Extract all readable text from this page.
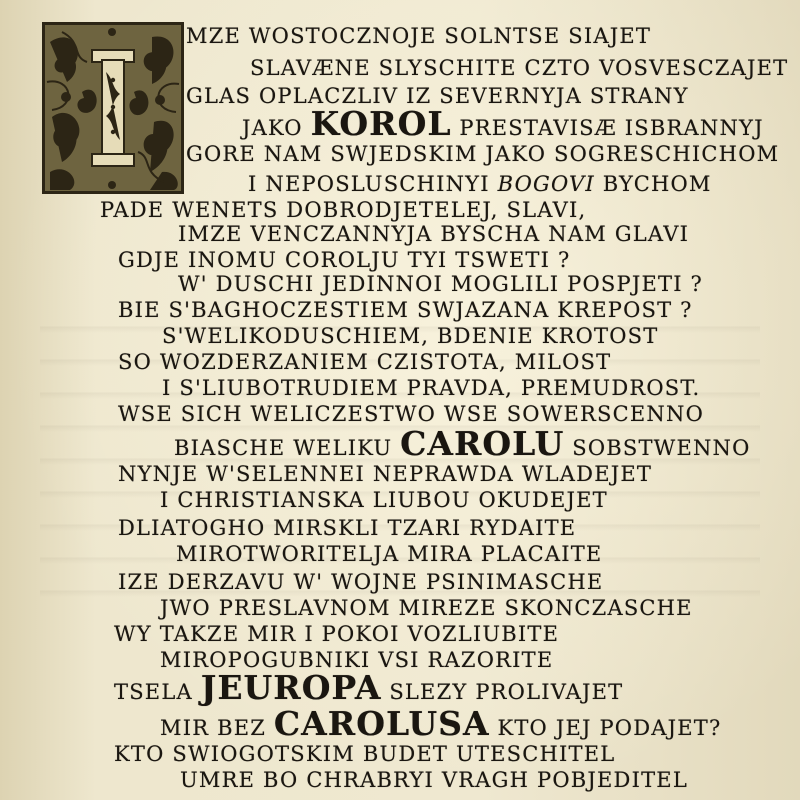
MZE WOSTOCZNOJE SOLNTSE SIAJET
SLAVÆNE SLYSCHITE CZTO VOSVESCZAJET
GLAS OPLACZLIV IZ SEVERNYJA STRANY
JAKO KOROL PRESTAVISÆ ISBRANNYJ
GORE NAM SWJEDSKIM JAKO SOGRESCHICHOM
I NEPOSLUSCHINYI BOGOVI BYCHOM
PADE WENETS DOBRODJETELEJ, SLAVI,
IMZE VENCZANNYJA BYSCHA NAM GLAVI
GDJE INOMU COROLJU TYI TSWETI ?
W' DUSCHI JEDINNOI MOGLILI POSPJETI ?
BIE S'BAGHOCZESTIEM SWJAZANA KREPOST ?
S'WELIKODUSCHIEM, BDENIE KROTOST
SO WOZDERZANIEM CZISTOTA, MILOST
I S'LIUBOTRUDIEM PRAVDA, PREMUDROST.
WSE SICH WELICZESTWO WSE SOWERSCENNO
BIASCHE WELIKU CAROLU SOBSTWENNO
NYNJE W'SELENNEI NEPRAWDA WLADEJET
I CHRISTIANSKA LIUBOU OKUDEJET
DLIATOGHO MIRSKLI TZARI RYDAITE
MIROTWORITELJA MIRA PLACAITE
IZE DERZAVU W' WOJNE PSINIMASCHE
JWO PRESLAVNOM MIREZE SKONCZASCHE
WY TAKZE MIR I POKOI VOZLIUBITE
MIROPOGUBNIKI VSI RAZORITE
TSELA JEUROPA SLEZY PROLIVAJET
MIR BEZ CAROLUSA KTO JEJ PODAJET?
KTO SWIOGOTSKIM BUDET UTESCHITEL
UMRE BO CHRABRYI VRAGH POBJEDITEL
